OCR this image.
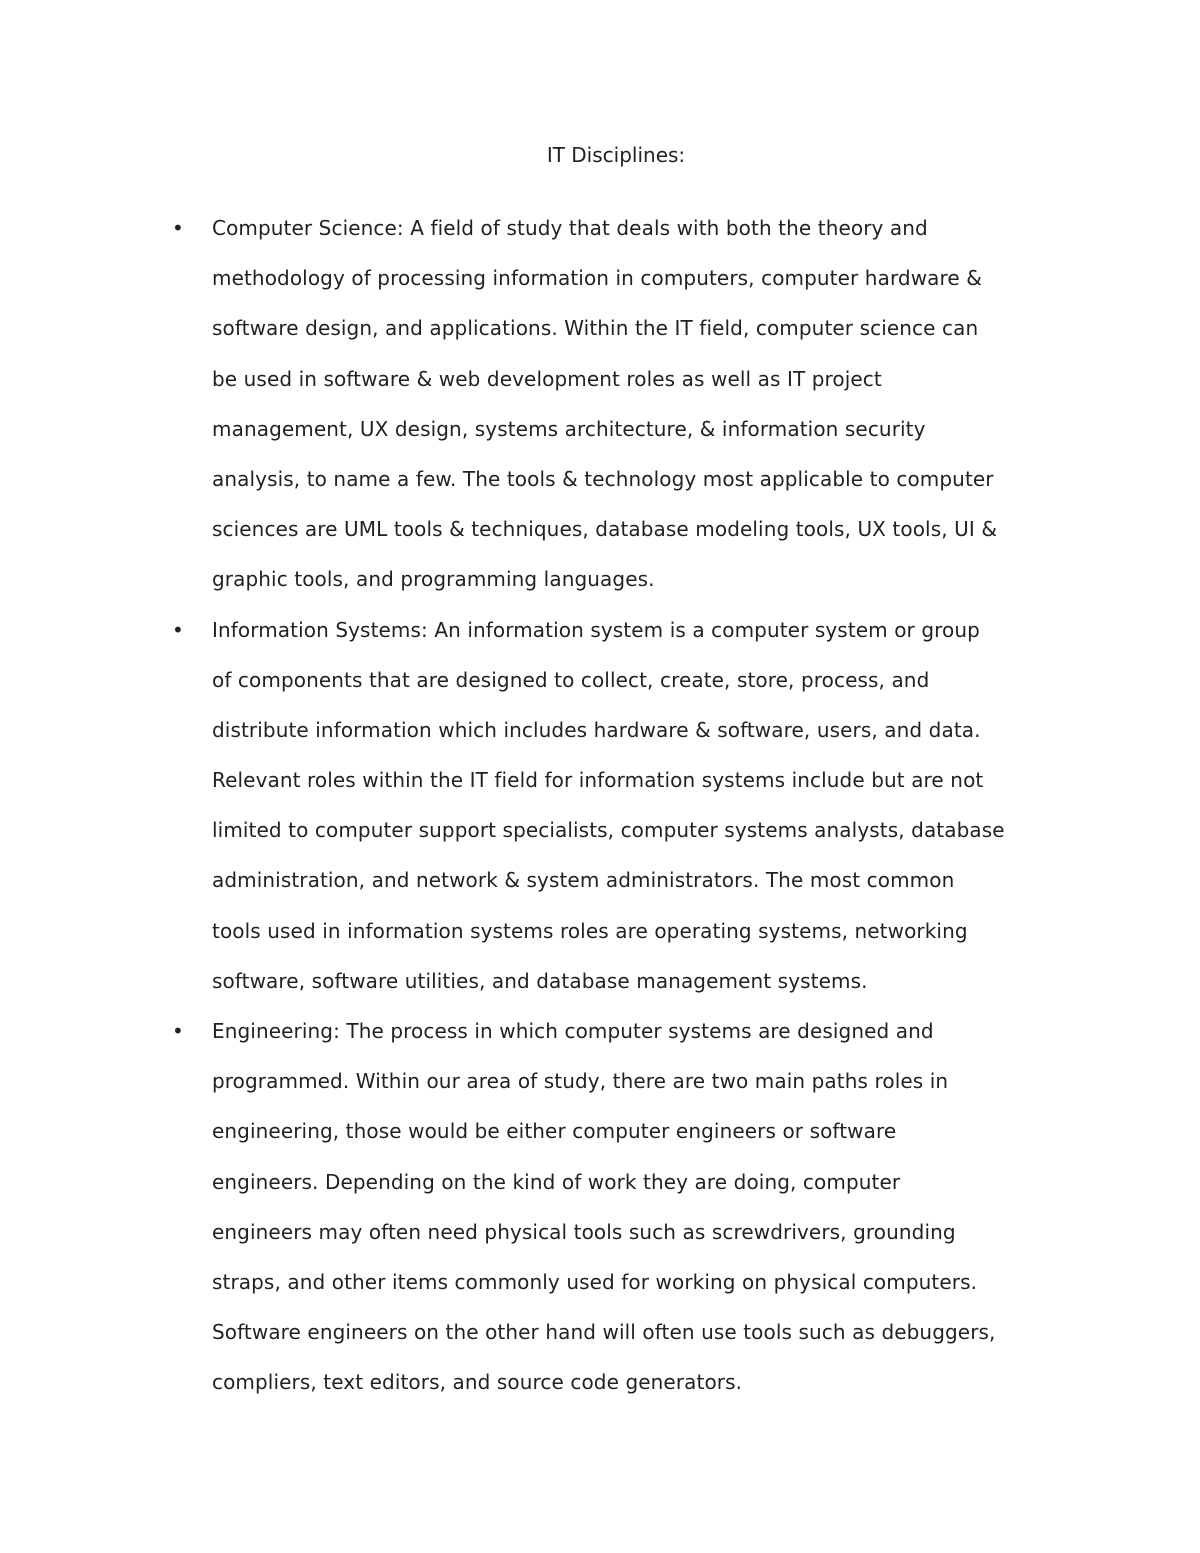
IT Disciplines:
•	Computer Science: A field of study that deals with both the theory and
methodology of processing information in computers, computer hardware &
software design, and applications. Within the IT field, computer science can
be used in software & web development roles as well as IT project
management, UX design, systems architecture, & information security
analysis, to name a few. The tools & technology most applicable to computer
sciences are UML tools & techniques, database modeling tools, UX tools, UI &
graphic tools, and programming languages.
•	Information Systems: An information system is a computer system or group
of components that are designed to collect, create, store, process, and
distribute information which includes hardware & software, users, and data.
Relevant roles within the IT field for information systems include but are not
limited to computer support specialists, computer systems analysts, database
administration, and network & system administrators. The most common
tools used in information systems roles are operating systems, networking
software, software utilities, and database management systems.
•	Engineering: The process in which computer systems are designed and
programmed. Within our area of study, there are two main paths roles in
engineering, those would be either computer engineers or software
engineers. Depending on the kind of work they are doing, computer
engineers may often need physical tools such as screwdrivers, grounding
straps, and other items commonly used for working on physical computers.
Software engineers on the other hand will often use tools such as debuggers,
compliers, text editors, and source code generators.
